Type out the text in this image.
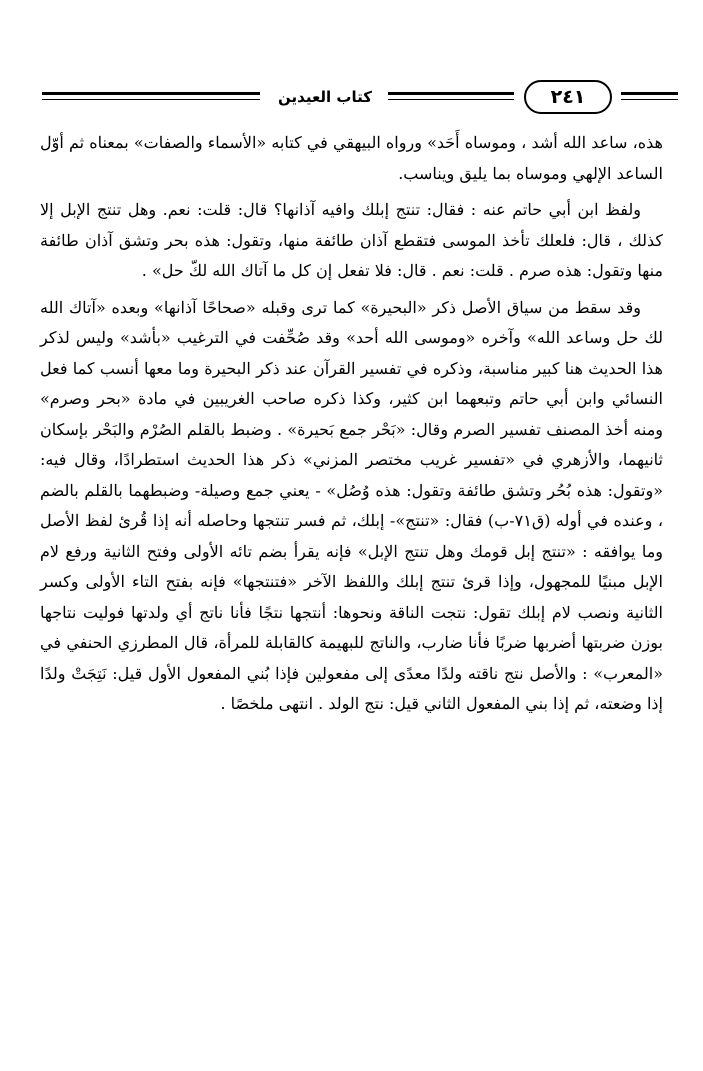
٢٤١
كتاب العيدين

هذه، ساعد الله أشد ، وموساه أَحَد» ورواه البيهقي في كتابه «الأسماء والصفات» بمعناه ثم أوّل الساعد الإلهي وموساه بما يليق ويناسب.

ولفظ ابن أبي حاتم عنه : فقال: تنتج إبلك وافيه آذانها؟ قال: قلت: نعم. وهل تنتج الإبل إلا كذلك ، قال: فلعلك تأخذ الموسى فتقطع آذان طائفة منها، وتقول: هذه بحر وتشق آذان طائفة منها وتقول: هذه صرم . قلت: نعم . قال: فلا تفعل إن كل ما آتاك الله لكّ حل» .

وقد سقط من سياق الأصل ذكر «البحيرة» كما ترى وقبله «صحاحًا آذانها» وبعده «آتاك الله لك حل وساعد الله» وآخره «وموسى الله أحد» وقد صُحِّفت في الترغيب «بأشد» وليس لذكر هذا الحديث هنا كبير مناسبة، وذكره في تفسير القرآن عند ذكر البحيرة وما معها أنسب كما فعل النسائي وابن أبي حاتم وتبعهما ابن كثير، وكذا ذكره صاحب الغريبين في مادة «بحر وصرم» ومنه أخذ المصنف تفسير الصرم وقال: «بَحْر جمع بَحيرة» . وضبط بالقلم الصُرْم والبَحْر بإسكان ثانيهما، والأزهري في «تفسير غريب مختصر المزني» ذكر هذا الحديث استطرادًا، وقال فيه: «وتقول: هذه بُحُر وتشق طائفة وتقول: هذه وُصُل» - يعني جمع وصيلة- وضبطهما بالقلم بالضم ، وعنده في أوله (ق٧١-ب) فقال: «تنتج»- إبلك، ثم فسر تنتجها وحاصله أنه إذا قُرئ لفظ الأصل وما يوافقه : «تنتج إبل قومك وهل تنتج الإبل» فإنه يقرأ بضم تائه الأولى وفتح الثانية ورفع لام الإبل مبنيًا للمجهول، وإذا قرئ تنتج إبلك واللفظ الآخر «فتنتجها» فإنه بفتح التاء الأولى وكسر الثانية ونصب لام إبلك تقول: نتجت الناقة ونحوها: أنتجها نتجًا فأنا ناتج أي ولدتها فوليت نتاجها بوزن ضربتها أضربها ضربًا فأنا ضارب، والناتج للبهيمة كالقابلة للمرأة، قال المطرزي الحنفي في «المعرب» : والأصل نتج ناقته ولدًا معدًى إلى مفعولين فإذا بُني المفعول الأول قيل: نَتِجَتْ ولدًا إذا وضعته، ثم إذا بني المفعول الثاني قيل: نتج الولد . انتهى ملخصًا .
